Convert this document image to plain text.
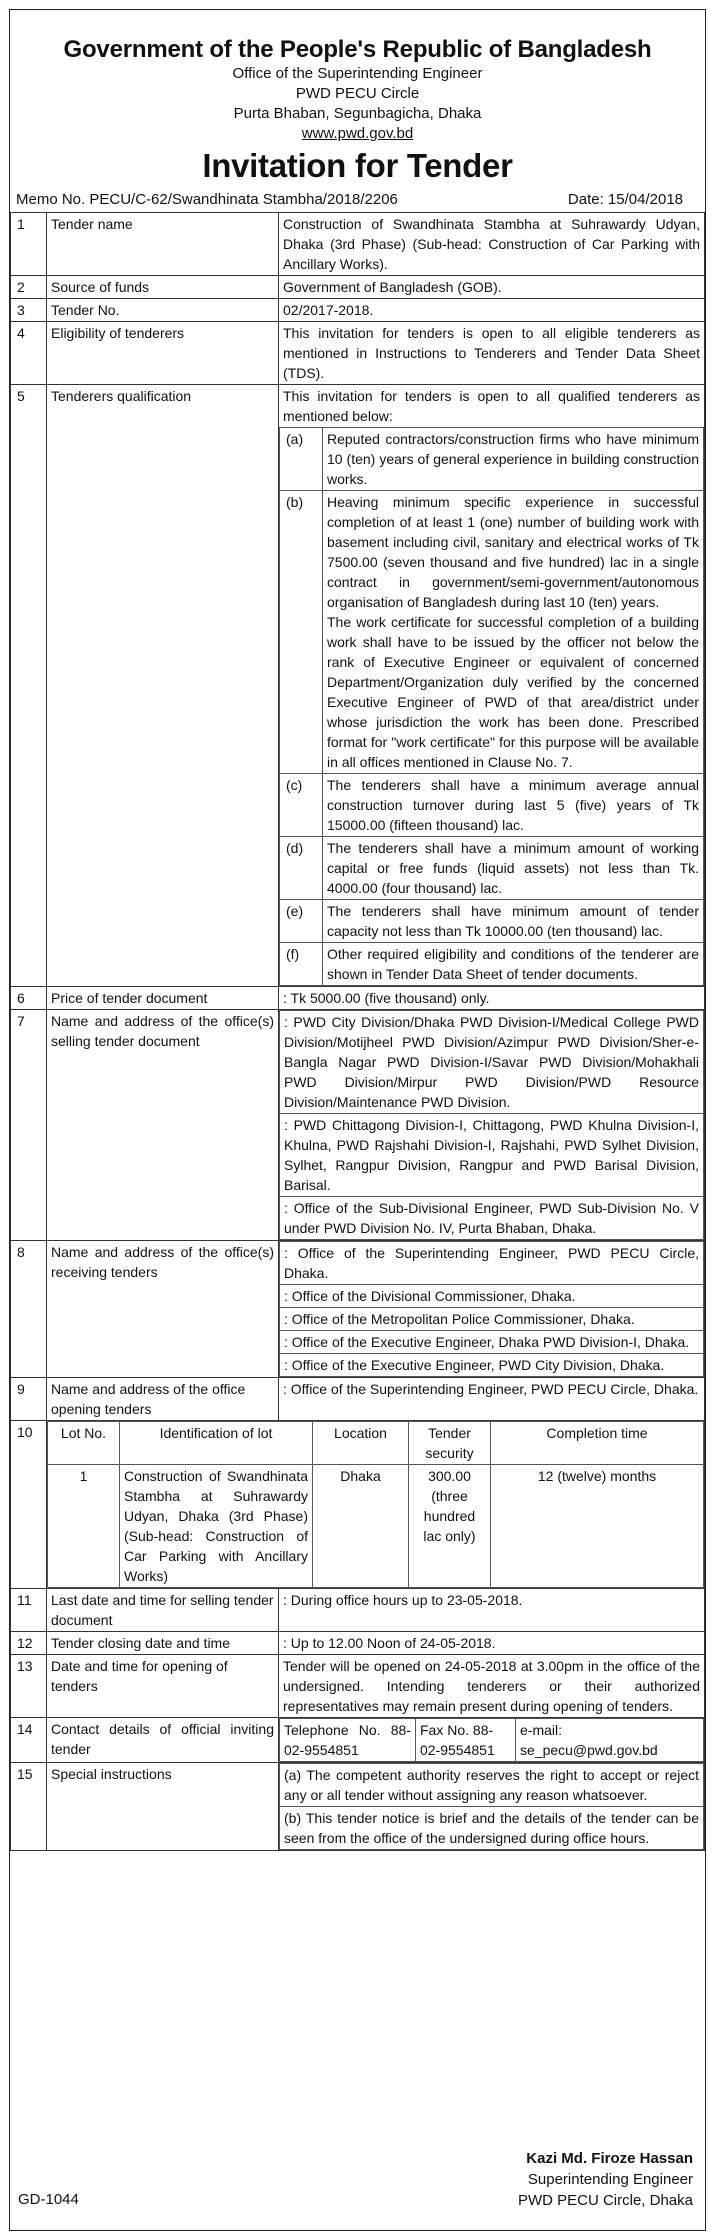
Government of the People's Republic of Bangladesh
Office of the Superintending Engineer
PWD PECU Circle
Purta Bhaban, Segunbagicha, Dhaka
www.pwd.gov.bd
Invitation for Tender
Memo No. PECU/C-62/Swandhinata Stambha/2018/2206	Date: 15/04/2018
1	Tender name	Construction of Swandhinata Stambha at Suhrawardy Udyan, Dhaka (3rd Phase) (Sub-head: Construction of Car Parking with Ancillary Works).
2	Source of funds	Government of Bangladesh (GOB).
3	Tender No.	02/2017-2018.
4	Eligibility of tenderers	This invitation for tenders is open to all eligible tenderers as mentioned in Instructions to Tenderers and Tender Data Sheet (TDS).
5	Tenderers qualification	This invitation for tenders is open to all qualified tenderers as mentioned below:
(a)	Reputed contractors/construction firms who have minimum 10 (ten) years of general experience in building construction works.
(b)	Heaving minimum specific experience in successful completion of at least 1 (one) number of building work with basement including civil, sanitary and electrical works of Tk 7500.00 (seven thousand and five hundred) lac in a single contract in government/semi-government/autonomous organisation of Bangladesh during last 10 (ten) years.
The work certificate for successful completion of a building work shall have to be issued by the officer not below the rank of Executive Engineer or equivalent of concerned Department/Organization duly verified by the concerned Executive Engineer of PWD of that area/district under whose jurisdiction the work has been done. Prescribed format for "work certificate" for this purpose will be available in all offices mentioned in Clause No. 7.

(c)	The tenderers shall have a minimum average annual construction turnover during last 5 (five) years of Tk 15000.00 (fifteen thousand) lac.
(d)	The tenderers shall have a minimum amount of working capital or free funds (liquid assets) not less than Tk. 4000.00 (four thousand) lac.
(e)	The tenderers shall have minimum amount of tender capacity not less than Tk 10000.00 (ten thousand) lac.
(f)	Other required eligibility and conditions of the tenderer are shown in Tender Data Sheet of tender documents.

6	Price of tender document	: Tk 5000.00 (five thousand) only.
7	Name and address of the office(s) selling tender document	
: PWD City Division/Dhaka PWD Division-I/Medical College PWD Division/Motijheel PWD Division/Azimpur PWD Division/Sher-e-Bangla Nagar PWD Division-I/Savar PWD Division/Mohakhali PWD Division/Mirpur PWD Division/PWD Resource Division/Maintenance PWD Division.
: PWD Chittagong Division-I, Chittagong, PWD Khulna Division-I, Khulna, PWD Rajshahi Division-I, Rajshahi, PWD Sylhet Division, Sylhet, Rangpur Division, Rangpur and PWD Barisal Division, Barisal.
: Office of the Sub-Divisional Engineer, PWD Sub-Division No. V under PWD Division No. IV, Purta Bhaban, Dhaka.

8	Name and address of the office(s) receiving tenders	
: Office of the Superintending Engineer, PWD PECU Circle, Dhaka.
: Office of the Divisional Commissioner, Dhaka.
: Office of the Metropolitan Police Commissioner, Dhaka.
: Office of the Executive Engineer, Dhaka PWD Division-I, Dhaka.
: Office of the Executive Engineer, PWD City Division, Dhaka.

9	Name and address of the office opening tenders	: Office of the Superintending Engineer, PWD PECU Circle, Dhaka.
10	Lot No.	Identification of lot	Location	Tender security	Completion time
1	Construction of Swandhinata Stambha at Suhrawardy Udyan, Dhaka (3rd Phase) (Sub-head: Construction of Car Parking with Ancillary Works)	Dhaka	300.00 (three hundred lac only)	12 (twelve) months

11	Last date and time for selling tender document	: During office hours up to 23-05-2018.
12	Tender closing date and time	: Up to 12.00 Noon of 24-05-2018.
13	Date and time for opening of tenders	Tender will be opened on 24-05-2018 at 3.00pm in the office of the undersigned. Intending tenderers or their authorized representatives may remain present during opening of tenders.
14	Contact details of official inviting tender	
Telephone No. 88-02-9554851	Fax No. 88-02-9554851	e-mail: se_pecu@pwd.gov.bd

15	Special instructions		(a) The competent authority reserves the right to accept or reject any or all tender without assigning any reason whatsoever.
(b) This tender notice is brief and the details of the tender can be seen from the office of the undersigned during office hours.
Kazi Md. Firoze Hassan
Superintending Engineer
PWD PECU Circle, Dhaka
GD-1044
